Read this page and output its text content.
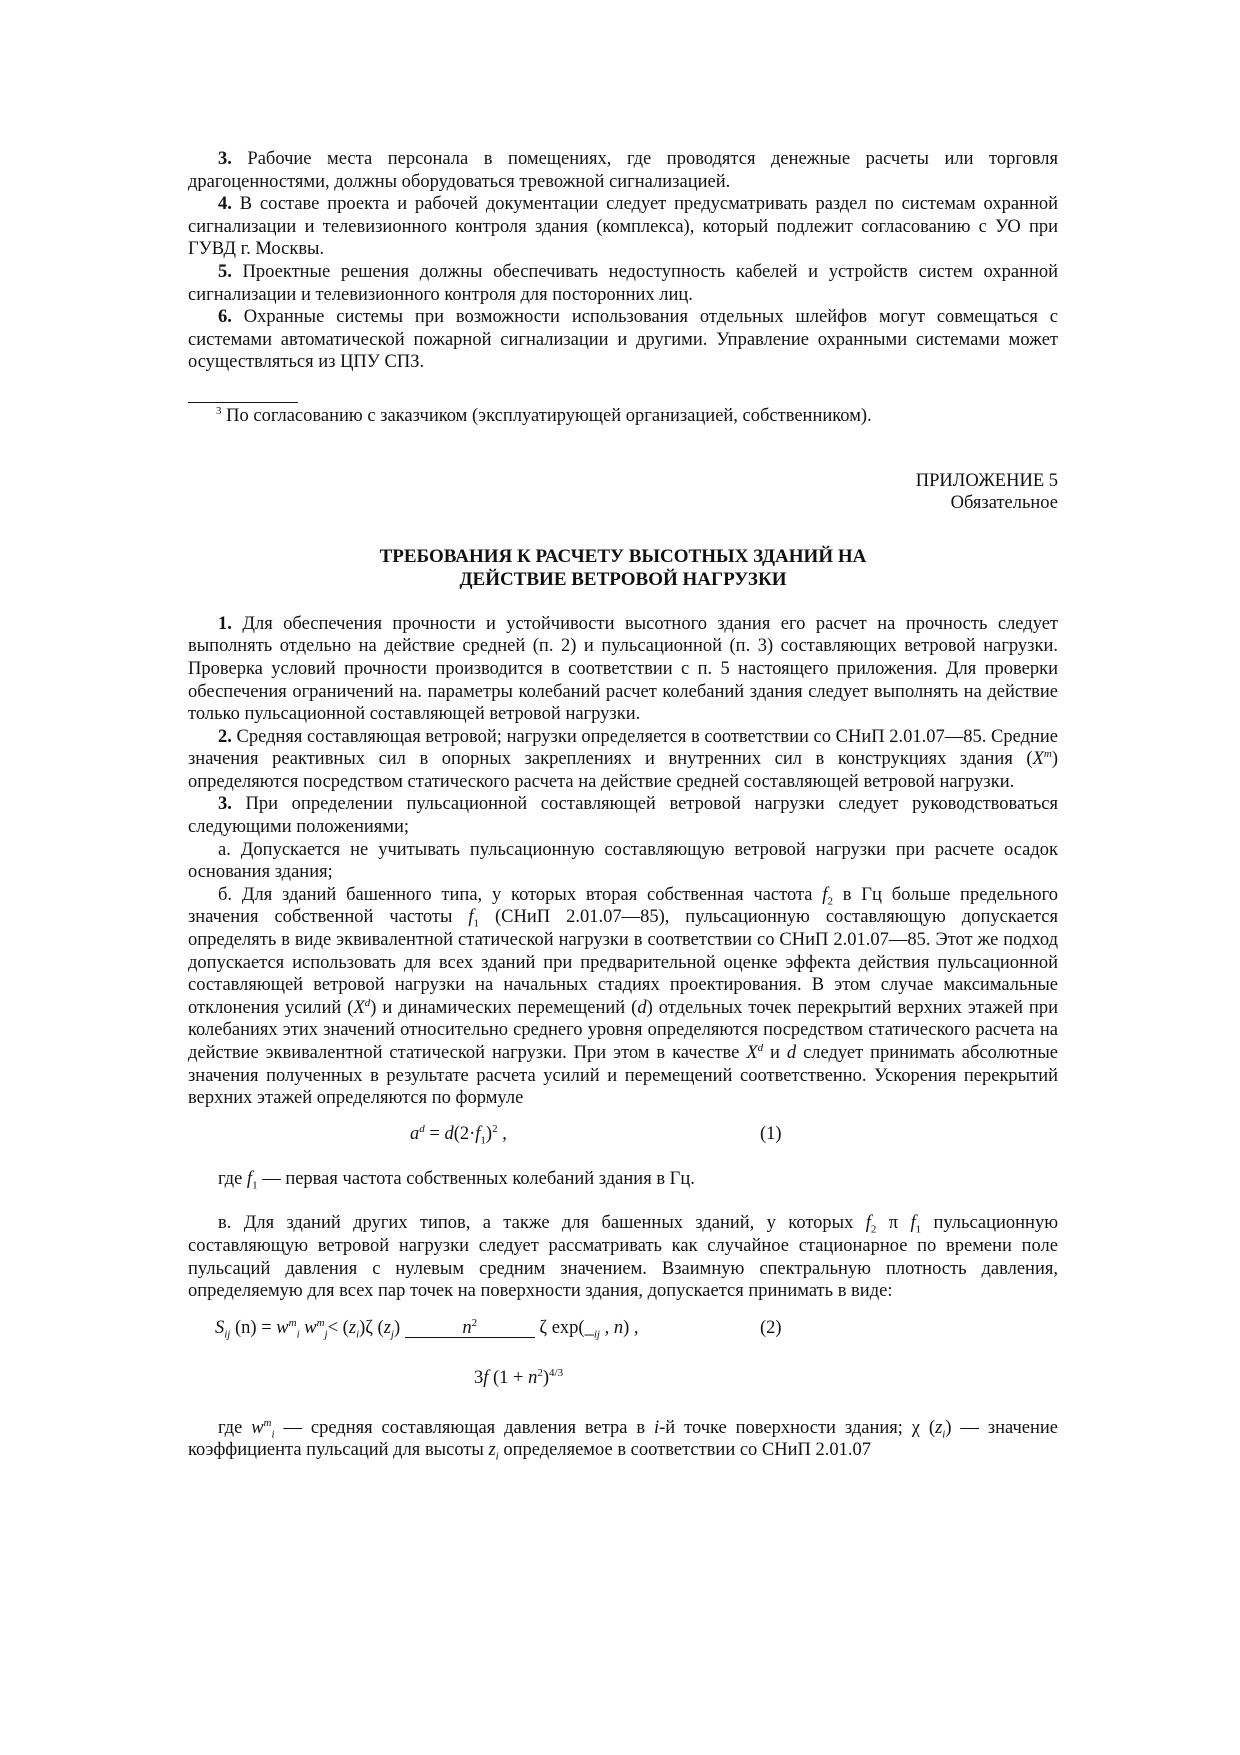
3. Рабочие места персонала в помещениях, где проводятся денежные расчеты или торговля драгоценностями, должны оборудоваться тревожной сигнализацией.

4. В составе проекта и рабочей документации следует предусматривать раздел по системам охранной сигнализации и телевизионного контроля здания (комплекса), который подлежит согласованию с УО при ГУВД г. Москвы.

5. Проектные решения должны обеспечивать недоступность кабелей и устройств систем охранной сигнализации и телевизионного контроля для посторонних лиц.

6. Охранные системы при возможности использования отдельных шлейфов могут совмещаться с системами автоматической пожарной сигнализации и другими. Управление охранными системами может осуществляться из ЦПУ СПЗ.

$^3$ По согласованию с заказчиком (эксплуатирующей организацией, собственником).

ПРИЛОЖЕНИЕ 5

Обязательное

ТРЕБОВАНИЯ К РАСЧЕТУ ВЫСОТНЫХ ЗДАНИЙ НА

ДЕЙСТВИЕ ВЕТРОВОЙ НАГРУЗКИ

1. Для обеспечения прочности и устойчивости высотного здания его расчет на прочность следует выполнять отдельно на действие средней (п. 2) и пульсационной (п. 3) составляющих ветровой нагрузки. Проверка условий прочности производится в соответствии с п. 5 настоящего приложения. Для проверки обеспечения ограничений на. параметры колебаний расчет колебаний здания следует выполнять на действие только пульсационной составляющей ветровой нагрузки.

2. Средняя составляющая ветровой; нагрузки определяется в соответствии со СНиП 2.01.07—85. Средние значения реактивных сил в опорных закреплениях и внутренних сил в конструкциях здания $(X^m)$ определяются посредством статического расчета на действие средней составляющей ветровой нагрузки.

3. При определении пульсационной составляющей ветровой нагрузки следует руководствоваться следующими положениями;

а. Допускается не учитывать пульсационную составляющую ветровой нагрузки при расчете осадок основания здания;

б. Для зданий башенного типа, у которых вторая собственная частота $f_2$ в Гц больше предельного значения собственной частоты $f_1$ (СНиП 2.01.07—85), пульсационную составляющую допускается определять в виде эквивалентной статической нагрузки в соответствии со СНиП 2.01.07—85. Этот же подход допускается использовать для всех зданий при предварительной оценке эффекта действия пульсационной составляющей ветровой нагрузки на начальных стадиях проектирования. В этом случае максимальные отклонения усилий $(X^d)$ и динамических перемещений (d) отдельных точек перекрытий верхних этажей при колебаниях этих значений относительно среднего уровня определяются посредством статического расчета на действие эквивалентной статической нагрузки. При этом в качестве $X^d$ и d следует принимать абсолютные значения полученных в результате расчета усилий и перемещений соответственно. Ускорения перекрытий верхних этажей определяются по формуле

$a^d = d(2\cdot f_1)^2$ ,	(1)

где $f_1$ — первая частота собственных колебаний здания в Гц.

в. Для зданий других типов, а также для башенных зданий, у которых $f_2$ π $f_1$ пульсационную составляющую ветровой нагрузки следует рассматривать как случайное стационарное по времени поле пульсаций давления с нулевым средним значением. Взаимную спектральную плотность давления, определяемую для всех пар точек на поверхности здания, допускается принимать в виде:

$S_{ij}$ $(n) = w^m_i$ $w^m_j< (z_i)\zeta$ $(z_j)$	$n^2$	ζ $\exp(\__{ij}$ , n) ,	(2)
3f $(1 + n^2)^{4/3}$

где $w^m_i$ — средняя составляющая давления ветра в i-й точке поверхности здания; χ $(z_i)$ — значение коэффициента пульсаций для высоты $z_i$ определяемое в соответствии со СНиП 2.01.07
